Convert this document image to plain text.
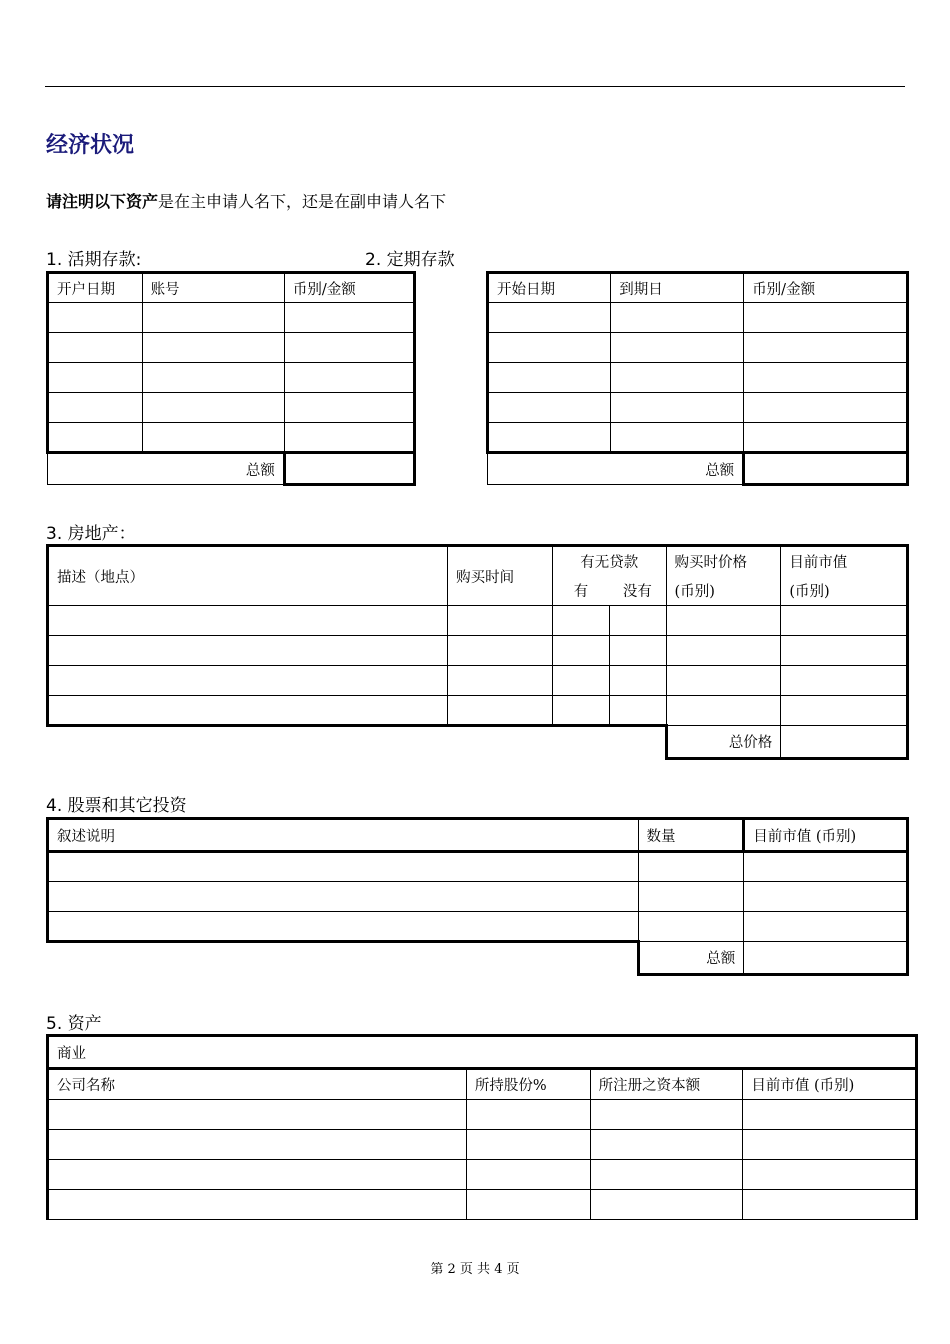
经济状况
请注明以下资产是在主申请人名下，还是在副申请人名下
1. 活期存款:
开户日期	账号	币别/金额

总额		
2. 定期存款
开始日期	到期日	币别/金额

总额		
3. 房地产：
描述（地点）	购买时间	有无贷款		购买时价格	目前市值
		有	没有	(币别)	(币别)

				总价格	
4. 股票和其它投资
叙述说明	数量	目前市值 (币别)

	总额	
5. 资产
商业			
公司名称	所持股份%	所注册之资本额	目前市值 (币别)

第 2 页 共 4 页
